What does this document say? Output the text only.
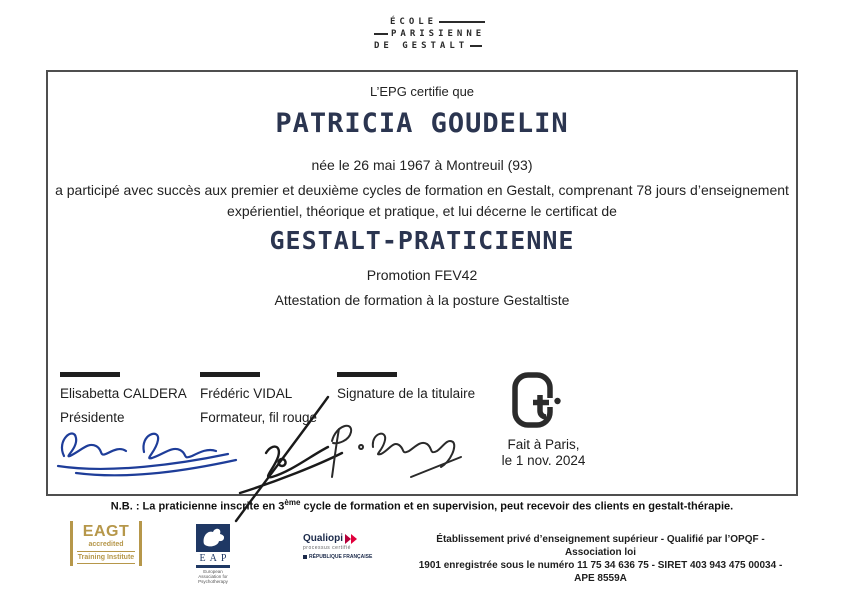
ÉCOLE
PARISIENNE
DE GESTALT
L’EPG certifie que
PATRICIA GOUDELIN
née le 26 mai 1967 à Montreuil (93)
a participé avec succès aux premier et deuxième cycles de formation en Gestalt, comprenant 78 jours d’enseignement
expérientiel, théorique et pratique, et lui décerne le certificat de
GESTALT-PRATICIENNE
Promotion FEV42
Attestation de formation à la posture Gestaltiste
Elisabetta CALDERA
Présidente
Frédéric VIDAL
Formateur, fil rouge
Signature de la titulaire
Fait à Paris,
le 1 nov. 2024
N.B. : La praticienne inscrite en 3ème cycle de formation et en supervision, peut recevoir des clients en gestalt-thérapie.
EAGT
accredited
Training Institute	EAP
European Association for Psychotherapy
Qualiopi
processus certifié
RÉPUBLIQUE FRANÇAISE
Établissement privé d’enseignement supérieur - Qualifié par l’OPQF - Association loi
1901 enregistrée sous le numéro 11 75 34 636 75 - SIRET 403 943 475 00034 - APE 8559A
